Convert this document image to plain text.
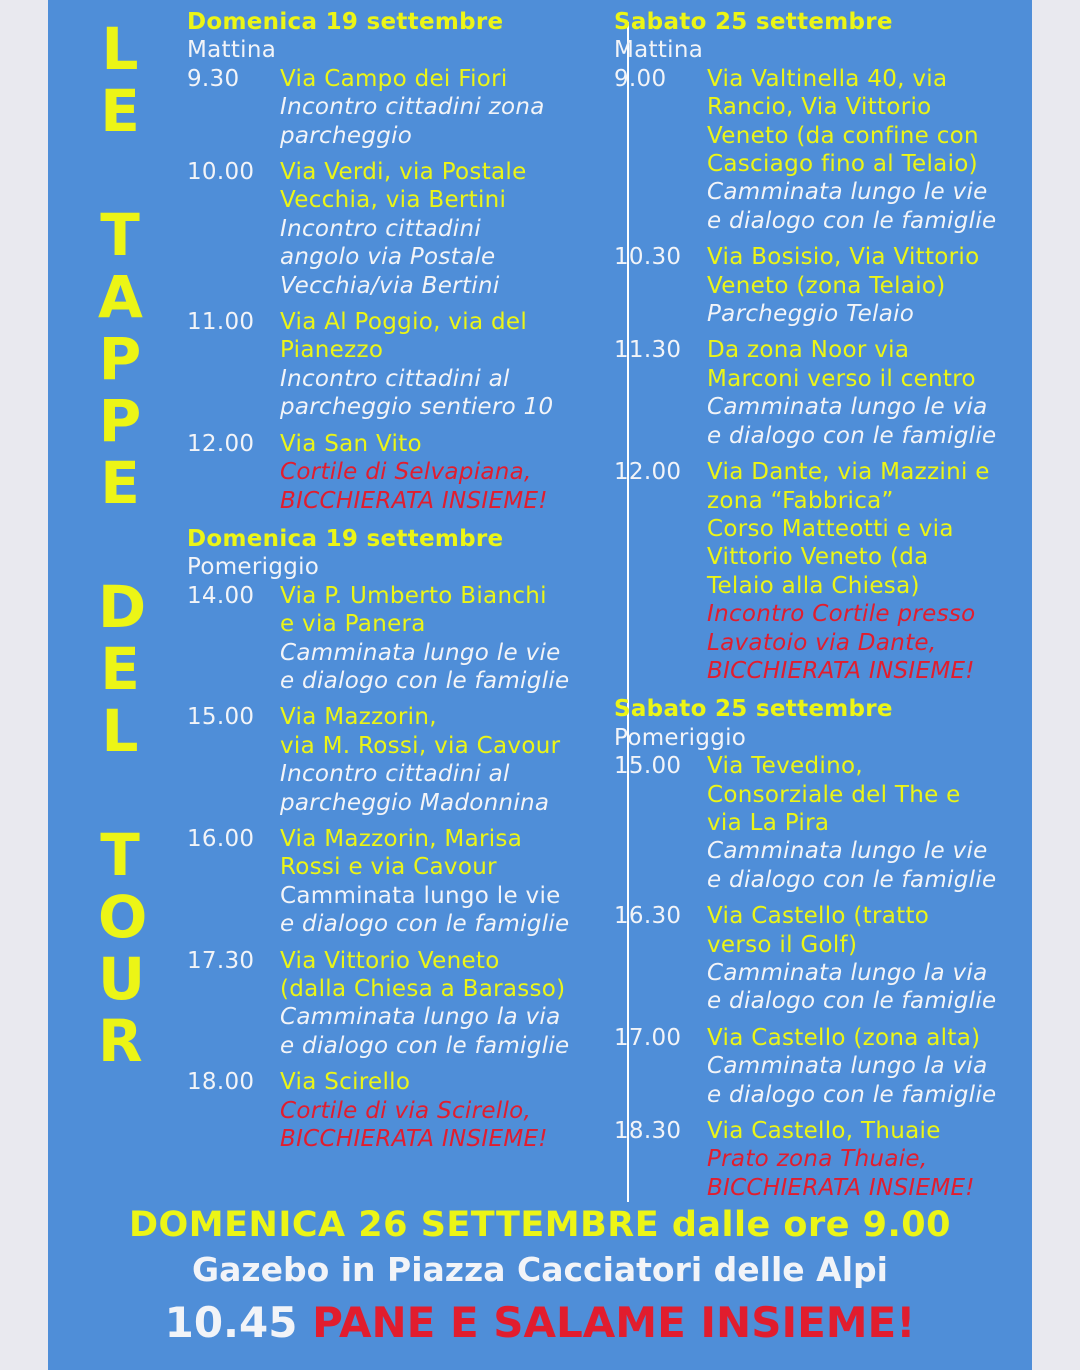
L
E
T
A
P
P
E
D
E
L
T
O
U
R
Domenica 19 settembre
Mattina
9.30 Via Campo dei Fiori
Incontro cittadini zona
parcheggio
10.00 Via Verdi, via Postale
Vecchia, via Bertini
Incontro cittadini
angolo via Postale
Vecchia/via Bertini
11.00 Via Al Poggio, via del
Pianezzo
Incontro cittadini al
parcheggio sentiero 10
12.00 Via San Vito
Cortile di Selvapiana,
BICCHIERATA INSIEME!
Domenica 19 settembre
Pomeriggio
14.00 Via P. Umberto Bianchi
e via Panera
Camminata lungo le vie
e dialogo con le famiglie
15.00 Via Mazzorin,
via M. Rossi, via Cavour
Incontro cittadini al
parcheggio Madonnina
16.00 Via Mazzorin, Marisa
Rossi e via Cavour
Camminata lungo le vie
e dialogo con le famiglie
17.30 Via Vittorio Veneto
(dalla Chiesa a Barasso)
Camminata lungo la via
e dialogo con le famiglie
18.00 Via Scirello
Cortile di via Scirello,
BICCHIERATA INSIEME!
Sabato 25 settembre
Mattina
9.00 Via Valtinella 40, via
Rancio, Via Vittorio
Veneto (da confine con
Casciago fino al Telaio)
Camminata lungo le vie
e dialogo con le famiglie
10.30 Via Bosisio, Via Vittorio
Veneto (zona Telaio)
Parcheggio Telaio
11.30 Da zona Noor via
Marconi verso il centro
Camminata lungo le via
e dialogo con le famiglie
12.00 Via Dante, via Mazzini e
zona “Fabbrica”
Corso Matteotti e via
Vittorio Veneto (da
Telaio alla Chiesa)
Incontro Cortile presso
Lavatoio via Dante,
BICCHIERATA INSIEME!
Sabato 25 settembre
Pomeriggio
15.00 Via Tevedino,
Consorziale del The e
via La Pira
Camminata lungo le vie
e dialogo con le famiglie
16.30 Via Castello (tratto
verso il Golf)
Camminata lungo la via
e dialogo con le famiglie
17.00 Via Castello (zona alta)
Camminata lungo la via
e dialogo con le famiglie
18.30 Via Castello, Thuaie
Prato zona Thuaie,
BICCHIERATA INSIEME!
DOMENICA 26 SETTEMBRE dalle ore 9.00
Gazebo in Piazza Cacciatori delle Alpi
10.45 PANE E SALAME INSIEME!
